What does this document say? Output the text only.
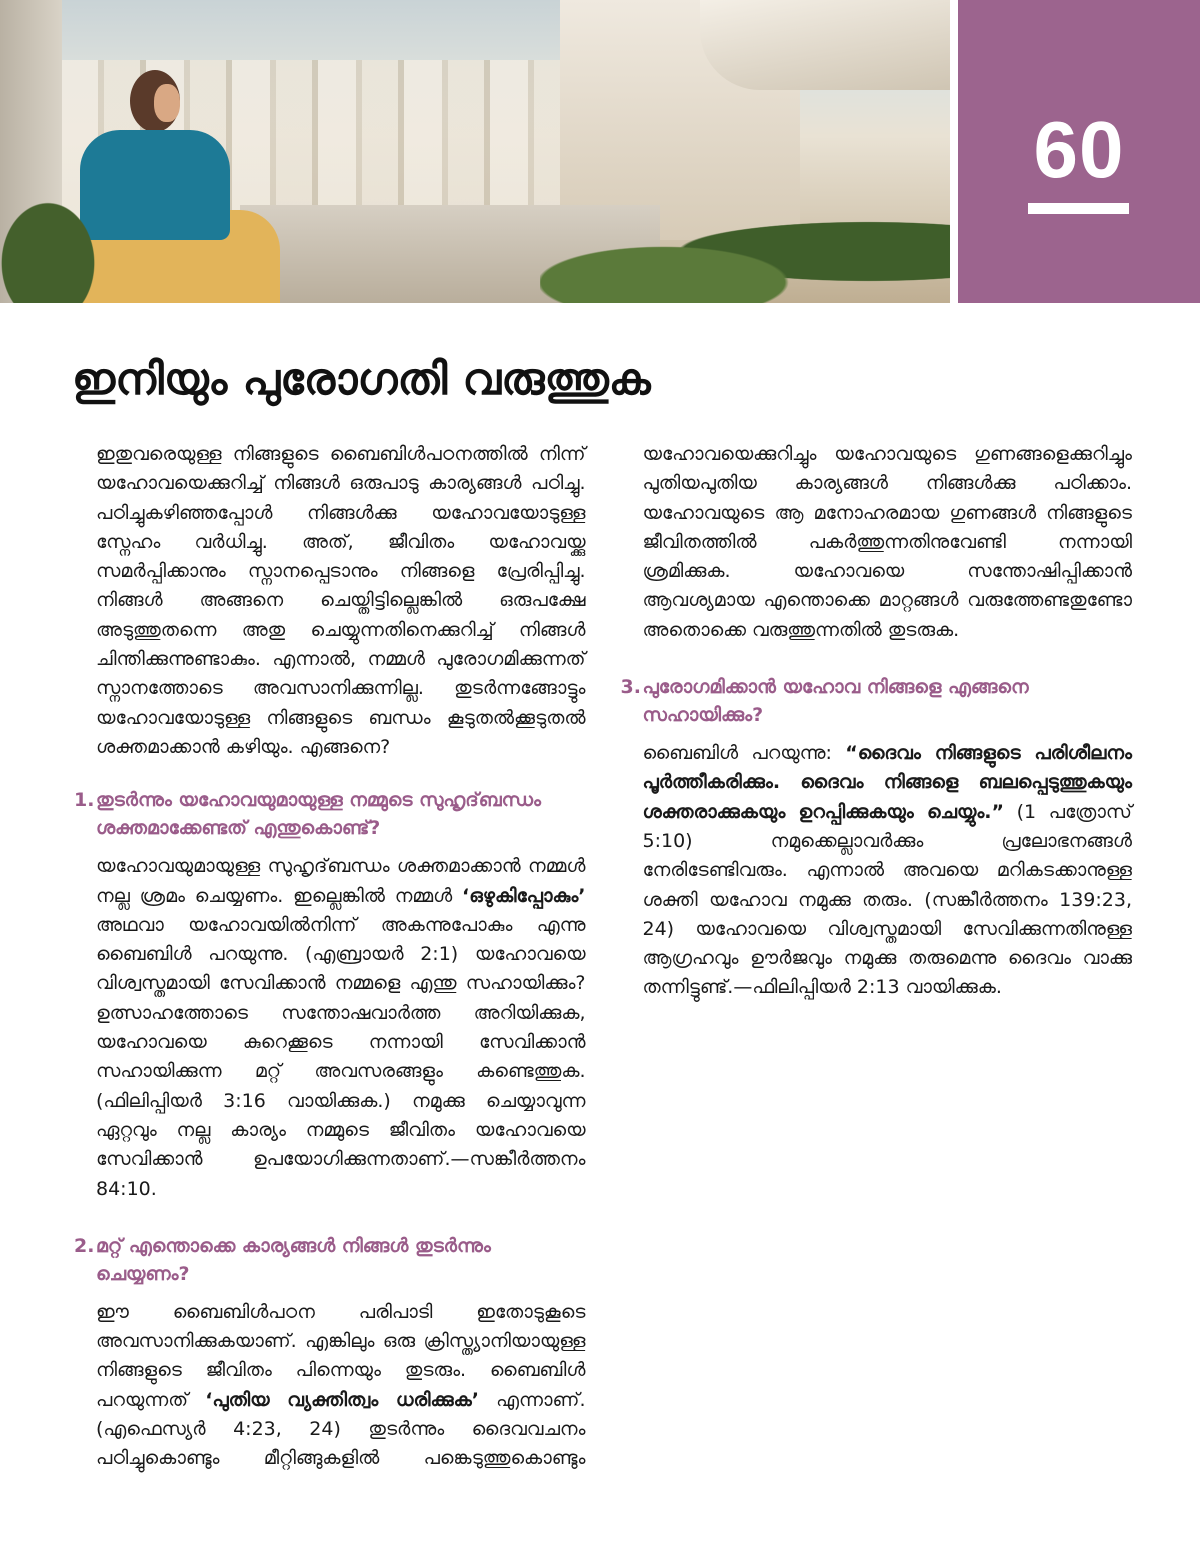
60
ഇനിയും പുരോഗതി വരുത്തുക

ഇതുവരെയുള്ള നിങ്ങളുടെ ബൈബിൾപഠനത്തിൽ നിന്ന് യഹോവയെക്കുറിച്ച് നിങ്ങൾ ഒരുപാടു കാര്യങ്ങൾ പഠിച്ചു. പഠിച്ചുകഴിഞ്ഞപ്പോൾ നിങ്ങൾക്കു യഹോവയോടുള്ള സ്നേഹം വർധിച്ചു. അത്, ജീവിതം യഹോവയ്ക്കു സമർപ്പിക്കാനും സ്നാനപ്പെടാനും നിങ്ങളെ പ്രേരിപ്പിച്ചു. നിങ്ങൾ അങ്ങനെ ചെയ്തിട്ടില്ലെങ്കിൽ ഒരുപക്ഷേ അടുത്തുതന്നെ അതു ചെയ്യുന്നതിനെക്കുറിച്ച് നിങ്ങൾ ചിന്തിക്കുന്നുണ്ടാകും. എന്നാൽ, നമ്മൾ പുരോഗമിക്കുന്നത് സ്നാനത്തോടെ അവസാനിക്കുന്നില്ല. തുടർന്നങ്ങോട്ടും യഹോവയോടുള്ള നിങ്ങളുടെ ബന്ധം കൂടുതൽക്കൂടുതൽ ശക്തമാക്കാൻ കഴിയും. എങ്ങനെ?

1.തുടർന്നും യഹോവയുമായുള്ള നമ്മുടെ സുഹൃദ്‌ബന്ധം ശക്തമാക്കേണ്ടത് എന്തുകൊണ്ട്?

യഹോവയുമായുള്ള സുഹൃദ്‌ബന്ധം ശക്തമാക്കാൻ നമ്മൾ നല്ല ശ്രമം ചെയ്യണം. ഇല്ലെങ്കിൽ നമ്മൾ ‘ഒഴുകിപ്പോകും’ അഥവാ യഹോവയിൽനിന്ന് അകന്നുപോകും എന്നു ബൈബിൾ പറയുന്നു. (എബ്രായർ 2:1) യഹോവയെ വിശ്വസ്തമായി സേവിക്കാൻ നമ്മളെ എന്തു സഹായിക്കും? ഉത്സാഹത്തോടെ സന്തോഷവാർത്ത അറിയിക്കുക, യഹോവയെ കുറെക്കൂടെ നന്നായി സേവിക്കാൻ സഹായിക്കുന്ന മറ്റ് അവസരങ്ങളും കണ്ടെത്തുക. (ഫിലിപ്പിയർ 3:16 വായിക്കുക.) നമുക്കു ചെയ്യാവുന്ന ഏറ്റവും നല്ല കാര്യം നമ്മുടെ ജീവിതം യഹോവയെ സേവിക്കാൻ ഉപയോഗിക്കുന്നതാണ്.—സങ്കീർത്തനം 84:10.

2.മറ്റ് എന്തൊക്കെ കാര്യങ്ങൾ നിങ്ങൾ തുടർന്നും ചെയ്യണം?

ഈ ബൈബിൾപഠന പരിപാടി ഇതോടുകൂടെ അവസാനിക്കുകയാണ്. എങ്കിലും ഒരു ക്രിസ്ത്യാനിയായുള്ള നിങ്ങളുടെ ജീവിതം പിന്നെയും തുടരും. ബൈബിൾ പറയുന്നത് ‘പുതിയ വ്യക്തിത്വം ധരിക്കുക’ എന്നാണ്. (എഫെസ്യർ 4:23, 24) തുടർന്നും ദൈവവചനം പഠിച്ചുകൊണ്ടും മീറ്റിങ്ങുകളിൽ പങ്കെടുത്തുകൊണ്ടും യഹോവയെക്കുറിച്ചും യഹോവയുടെ ഗുണങ്ങളെക്കുറിച്ചും പുതിയപുതിയ കാര്യങ്ങൾ നിങ്ങൾക്കു പഠിക്കാം. യഹോവയുടെ ആ മനോഹരമായ ഗുണങ്ങൾ നിങ്ങളുടെ ജീവിതത്തിൽ പകർത്തുന്നതിനുവേണ്ടി നന്നായി ശ്രമിക്കുക. യഹോവയെ സന്തോഷിപ്പിക്കാൻ ആവശ്യമായ എന്തൊക്കെ മാറ്റങ്ങൾ വരുത്തേണ്ടതുണ്ടോ അതൊക്കെ വരുത്തുന്നതിൽ തുടരുക.

3.പുരോഗമിക്കാൻ യഹോവ നിങ്ങളെ എങ്ങനെ സഹായിക്കും?

ബൈബിൾ പറയുന്നു: “ദൈവം നിങ്ങളുടെ പരിശീലനം പൂർത്തീകരിക്കും. ദൈവം നിങ്ങളെ ബലപ്പെടുത്തുകയും ശക്തരാക്കുകയും ഉറപ്പിക്കുകയും ചെയ്യും.” (1 പത്രോസ് 5:10) നമുക്കെല്ലാവർക്കും പ്രലോഭനങ്ങൾ നേരിടേണ്ടിവരും. എന്നാൽ അവയെ മറികടക്കാനുള്ള ശക്തി യഹോവ നമുക്കു തരും. (സങ്കീർത്തനം 139:23, 24) യഹോവയെ വിശ്വസ്തമായി സേവിക്കുന്നതിനുള്ള ആഗ്രഹവും ഊർജവും നമുക്കു തരുമെന്നു ദൈവം വാക്കു തന്നിട്ടുണ്ട്.—ഫിലിപ്പിയർ 2:13 വായിക്കുക.
